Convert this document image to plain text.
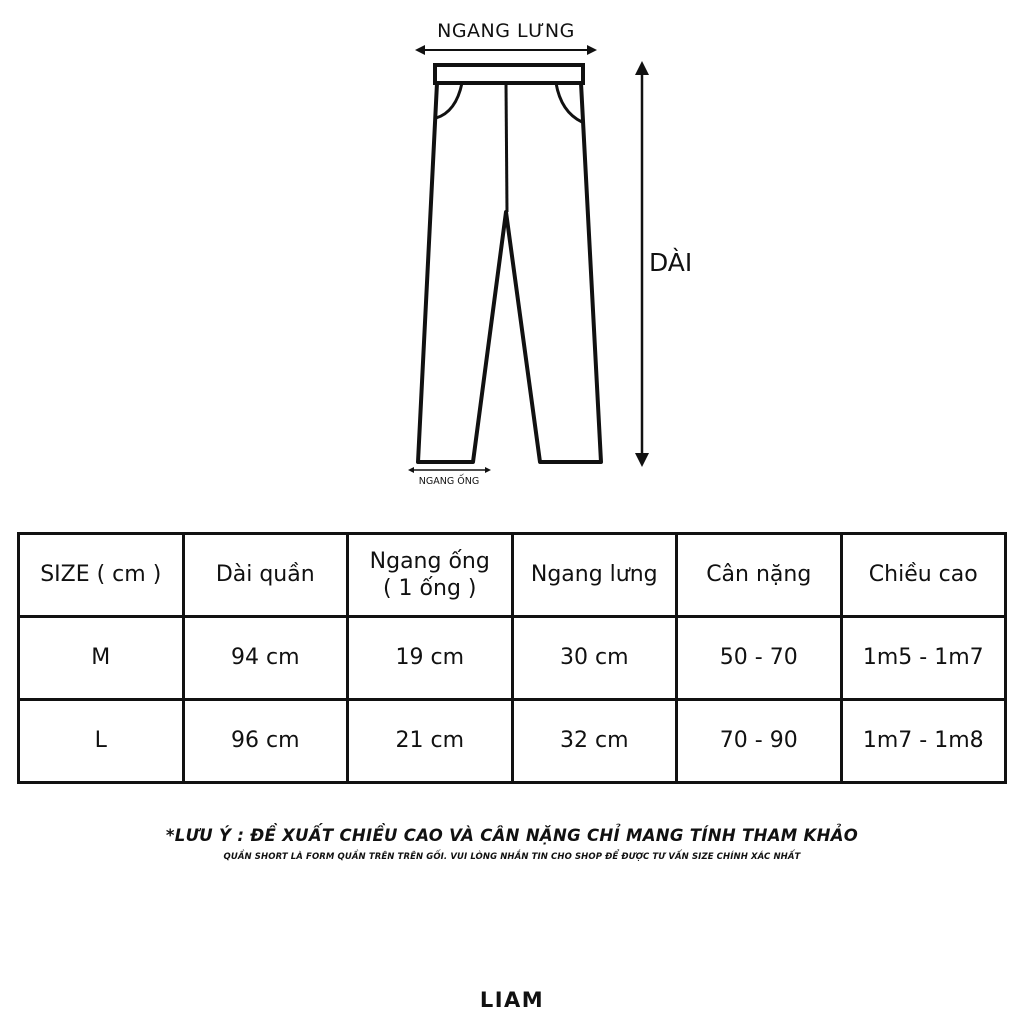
NGANG LƯNG
DÀI
NGANG ỐNG
SIZE ( cm )	Dài quần	Ngang ống
( 1 ống )	Ngang lưng	Cân nặng	Chiều cao

M	94 cm	19 cm	30 cm	50 - 70	1m5 - 1m7
L	96 cm	21 cm	32 cm	70 - 90	1m7 - 1m8
*LƯU Ý : ĐỀ XUẤT CHIỀU CAO VÀ CÂN NẶNG CHỈ MANG TÍNH THAM KHẢO
QUẦN SHORT LÀ FORM QUẦN TRÊN TRÊN GỐI. VUI LÒNG NHẮN TIN CHO SHOP ĐỂ ĐƯỢC TƯ VẤN SIZE CHÍNH XÁC NHẤT
LIAM
